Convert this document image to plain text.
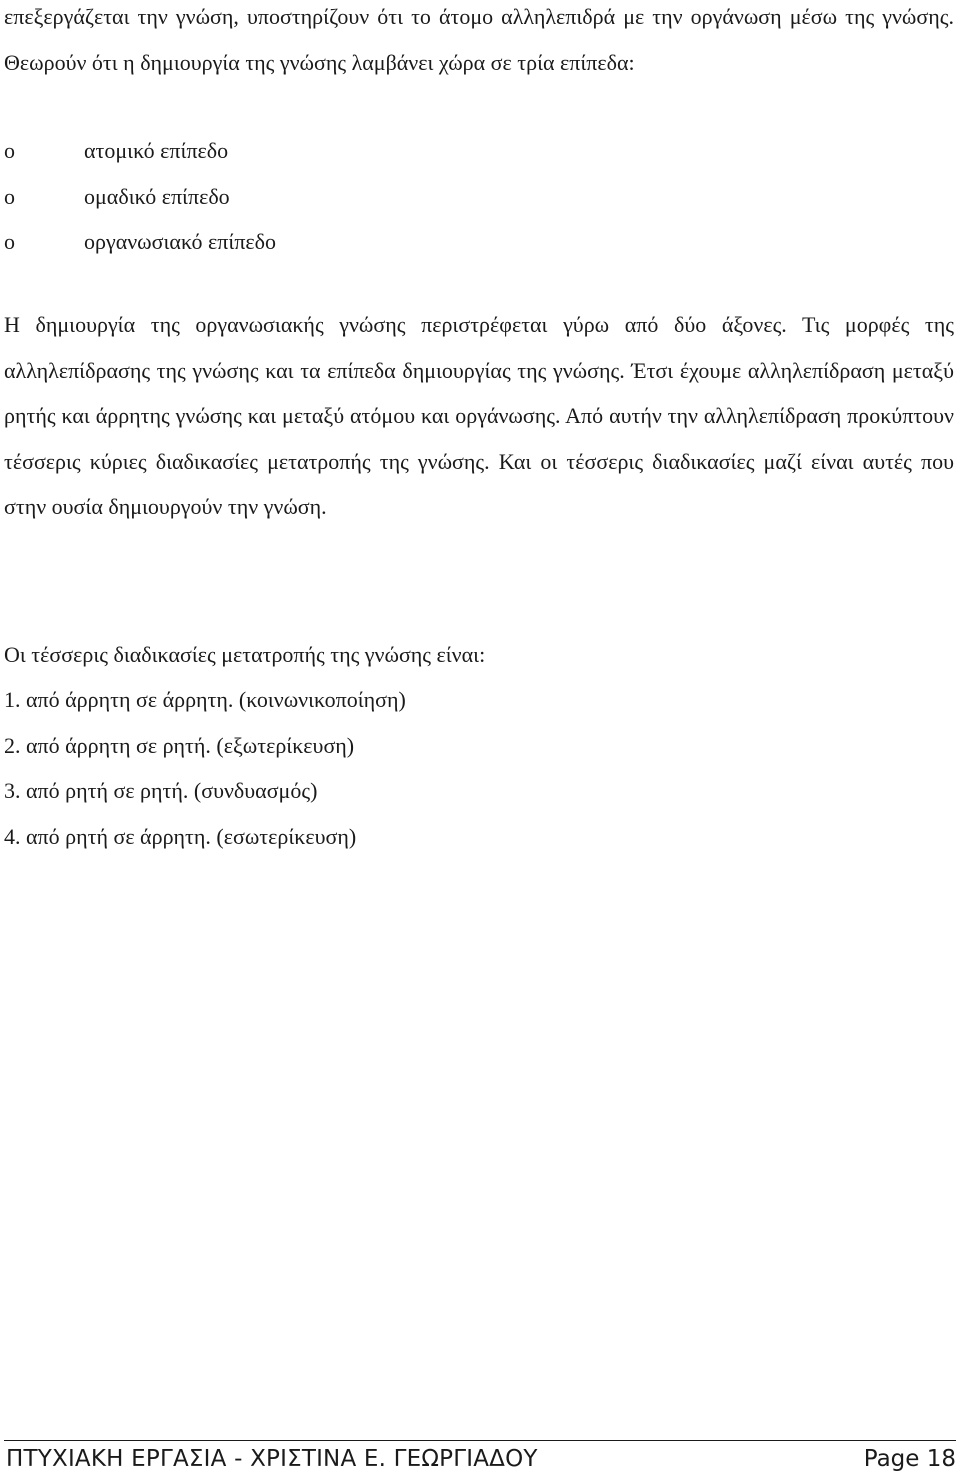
επεξεργάζεται την γνώση, υποστηρίζουν ότι το άτομο αλληλεπιδρά με την οργάνωση μέσω της γνώσης. Θεωρούν ότι η δημιουργία της γνώσης λαμβάνει χώρα σε τρία επίπεδα:

o	ατομικό επίπεδο
o	ομαδικό επίπεδο
o	οργανωσιακό επίπεδο

Η δημιουργία της οργανωσιακής γνώσης περιστρέφεται γύρω από δύο άξονες. Τις μορφές της αλληλεπίδρασης της γνώσης και τα επίπεδα δημιουργίας της γνώσης. Έτσι έχουμε αλληλεπίδραση μεταξύ ρητής και άρρητης γνώσης και μεταξύ ατόμου και οργάνωσης. Από αυτήν την αλληλεπίδραση προκύπτουν τέσσερις κύριες διαδικασίες μετατροπής της γνώσης. Και οι τέσσερις διαδικασίες μαζί είναι αυτές που στην ουσία δημιουργούν την γνώση.

Οι τέσσερις διαδικασίες μετατροπής της γνώσης είναι:

1. από άρρητη σε άρρητη. (κοινωνικοποίηση)
2. από άρρητη σε ρητή. (εξωτερίκευση)
3. από ρητή σε ρητή. (συνδυασμός)
4. από ρητή σε άρρητη. (εσωτερίκευση)
ΠΤΥΧΙΑΚΗ ΕΡΓΑΣΙΑ - ΧΡΙΣΤΙΝΑ Ε. ΓΕΩΡΓΙΑΔΟΥ	Page 18
